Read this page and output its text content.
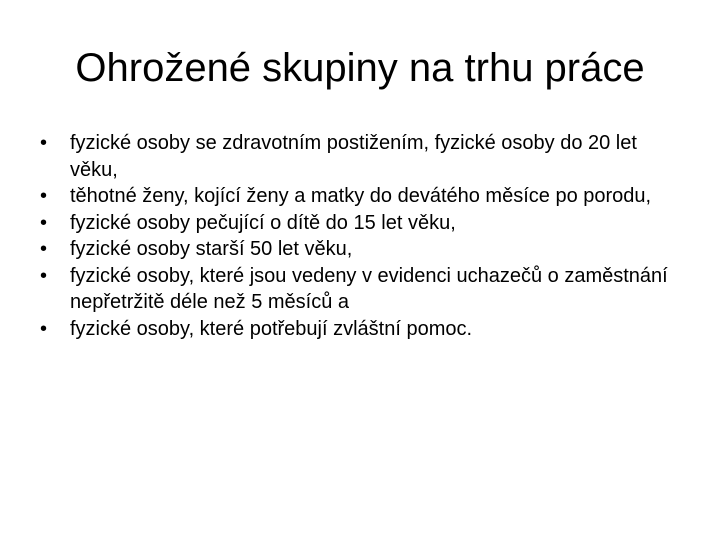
Ohrožené skupiny na trhu práce
•	fyzické osoby se zdravotním postižením, fyzické osoby do 20 let věku,
•	těhotné ženy, kojící ženy a matky do devátého měsíce po porodu,
•	fyzické osoby pečující o dítě do 15 let věku,
•	fyzické osoby starší 50 let věku,
•	fyzické osoby, které jsou vedeny v evidenci uchazečů o zaměstnání nepřetržitě déle než 5 měsíců a
•	fyzické osoby, které potřebují zvláštní pomoc.
